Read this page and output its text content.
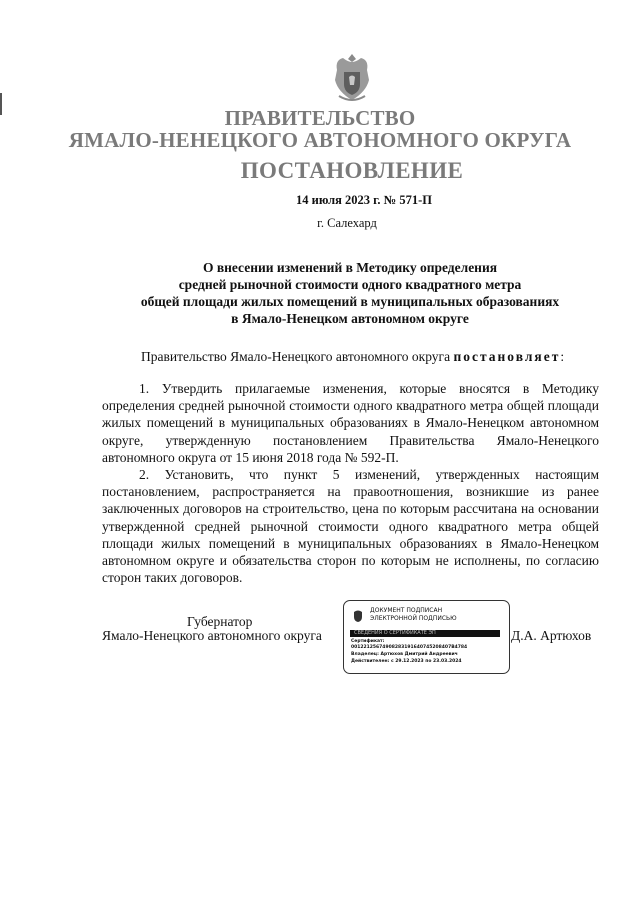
ПРАВИТЕЛЬСТВО
ЯМАЛО-НЕНЕЦКОГО АВТОНОМНОГО ОКРУГА
ПОСТАНОВЛЕНИЕ
14 июля 2023 г. № 571-П
г. Салехард
О внесении изменений в Методику определения
средней рыночной стоимости одного квадратного метра
общей площади жилых помещений в муниципальных образованиях
в Ямало-Ненецком автономном округе
Правительство Ямало-Ненецкого автономного округа постановляет:

1. Утвердить прилагаемые изменения, которые вносятся в Методику определения средней рыночной стоимости одного квадратного метра общей площади жилых помещений в муниципальных образованиях в Ямало-Ненецком автономном округе, утвержденную постановлением Правительства Ямало-Ненецкого автономного округа от 15 июня 2018 года № 592-П.

2. Установить, что пункт 5 изменений, утвержденных настоящим постановлением, распространяется на правоотношения, возникшие из ранее заключенных договоров на строительство, цена по которым рассчитана на основании утвержденной средней рыночной стоимости одного квадратного метра общей площади жилых помещений в муниципальных образованиях в Ямало-Ненецком автономном округе и обязательства сторон по которым не исполнены, по согласию сторон таких договоров.

Губернатор
Ямало-Ненецкого автономного округа	Д.А. Артюхов
ДОКУМЕНТ ПОДПИСАН
ЭЛЕКТРОННОЙ ПОДПИСЬЮ
СВЕДЕНИЯ О СЕРТИФИКАТЕ ЭП
Сертификат:
00122125674908283191640745208407B4784
Владелец: Артюхов Дмитрий Андреевич
Действителен: с 29.12.2023 по 23.03.2024
